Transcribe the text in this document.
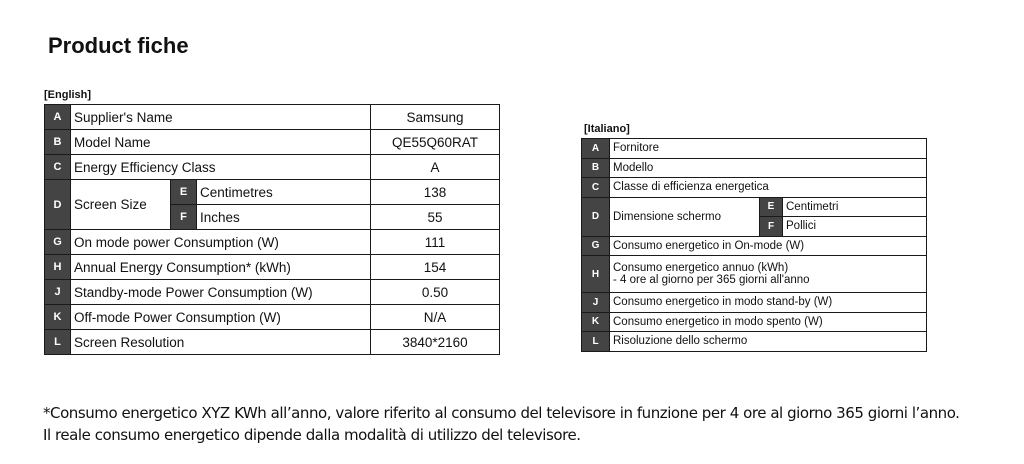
Product fiche
[English]
A	Supplier's Name			Samsung
B	Model Name			QE55Q60RAT
C	Energy Efficiency Class			A
D	Screen Size	E	Centimetres	138
		F	Inches	55
G	On mode power Consumption (W)			111
H	Annual Energy Consumption* (kWh)			154
J	Standby-mode Power Consumption (W)			0.50
K	Off-mode Power Consumption (W)			N/A
L	Screen Resolution			3840*2160
[Italiano]
A	Fornitore		
B	Modello		
C	Classe di efficienza energetica		
D	Dimensione schermo	E	Centimetri
		F	Pollici
G	Consumo energetico in On-mode (W)		
H	Consumo energetico annuo (kWh)
- 4 ore al giorno per 365 giorni all'anno		

J	Consumo energetico in modo stand-by (W)		
K	Consumo energetico in modo spento (W)		
L	Risoluzione dello schermo		
*Consumo energetico XYZ KWh all’anno, valore riferito al consumo del televisore in funzione per 4 ore al giorno 365 giorni l’anno.
Il reale consumo energetico dipende dalla modalità di utilizzo del televisore.
